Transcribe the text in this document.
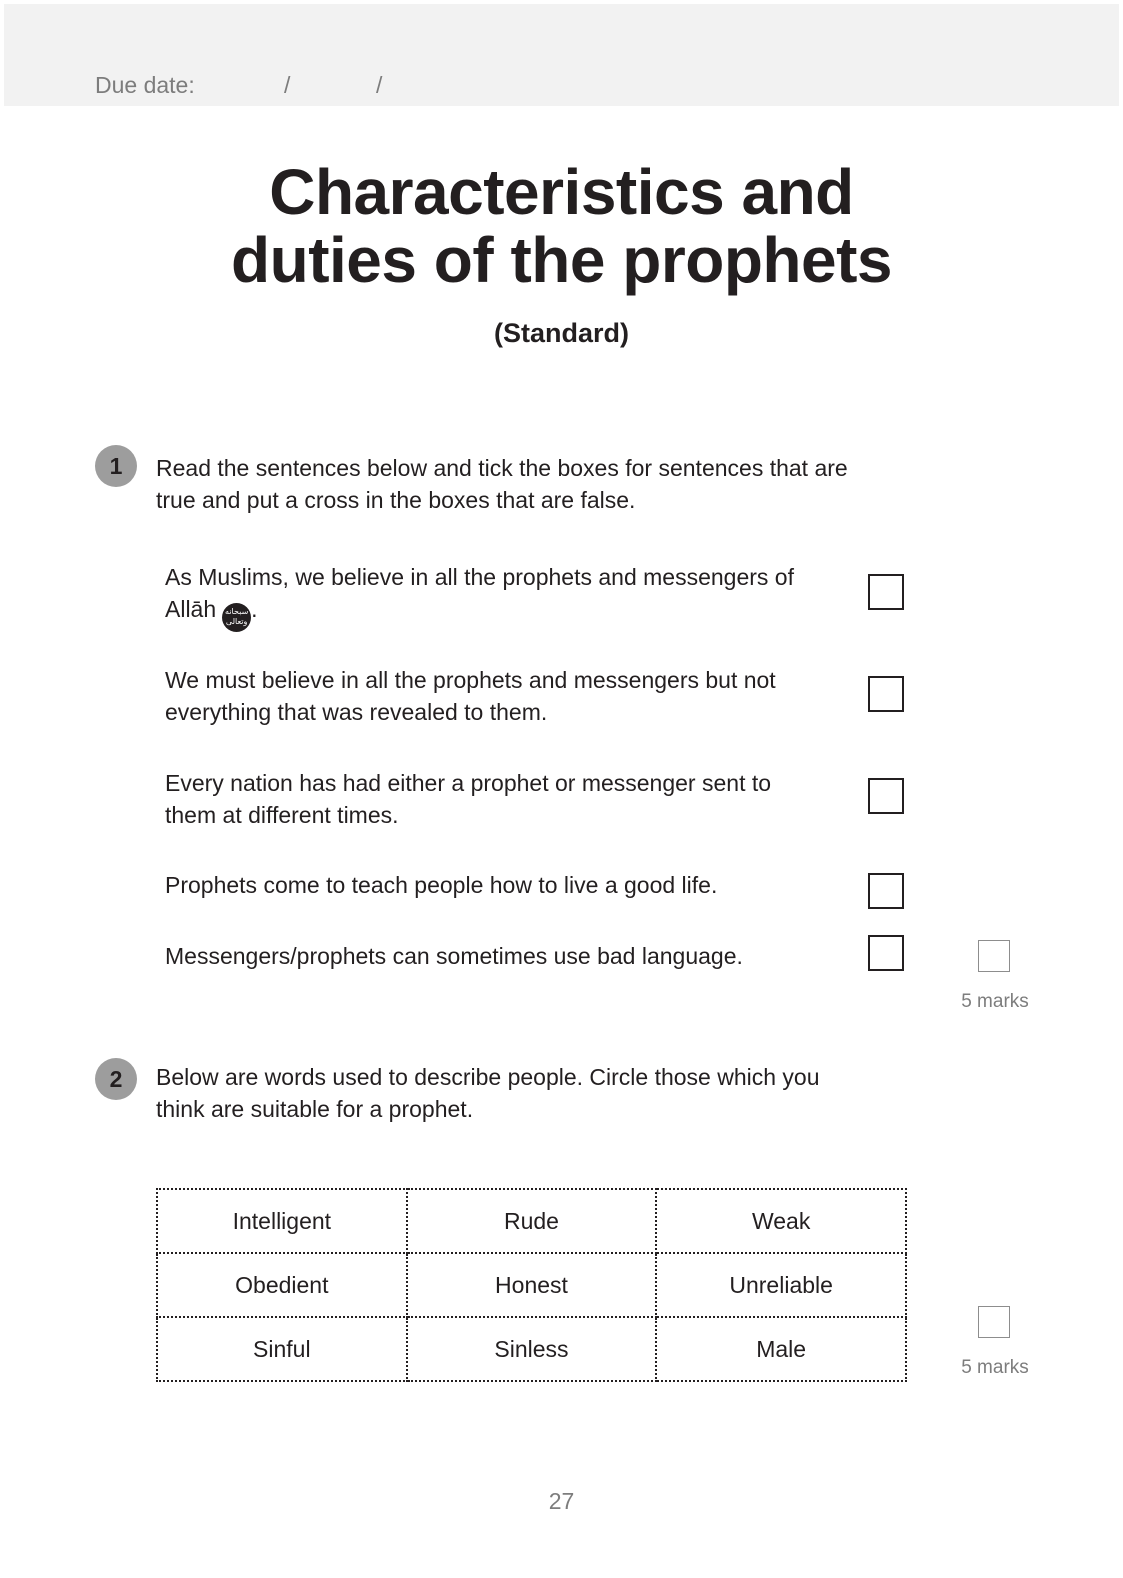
Due date:	/	/
Characteristics and
duties of the prophets
(Standard)
1	Read the sentences below and tick the boxes for sentences that are
true and put a cross in the boxes that are false.
As Muslims, we believe in all the prophets and messengers of
Allāh سبحانه
وتعالى .
We must believe in all the prophets and messengers but not
everything that was revealed to them.
Every nation has had either a prophet or messenger sent to
them at different times.
Prophets come to teach people how to live a good life.
Messengers/prophets can sometimes use bad language.
5 marks
2	Below are words used to describe people. Circle those which you
think are suitable for a prophet.
Intelligent	Rude	Weak
Obedient	Honest	Unreliable
Sinful	Sinless	Male
5 marks
27
